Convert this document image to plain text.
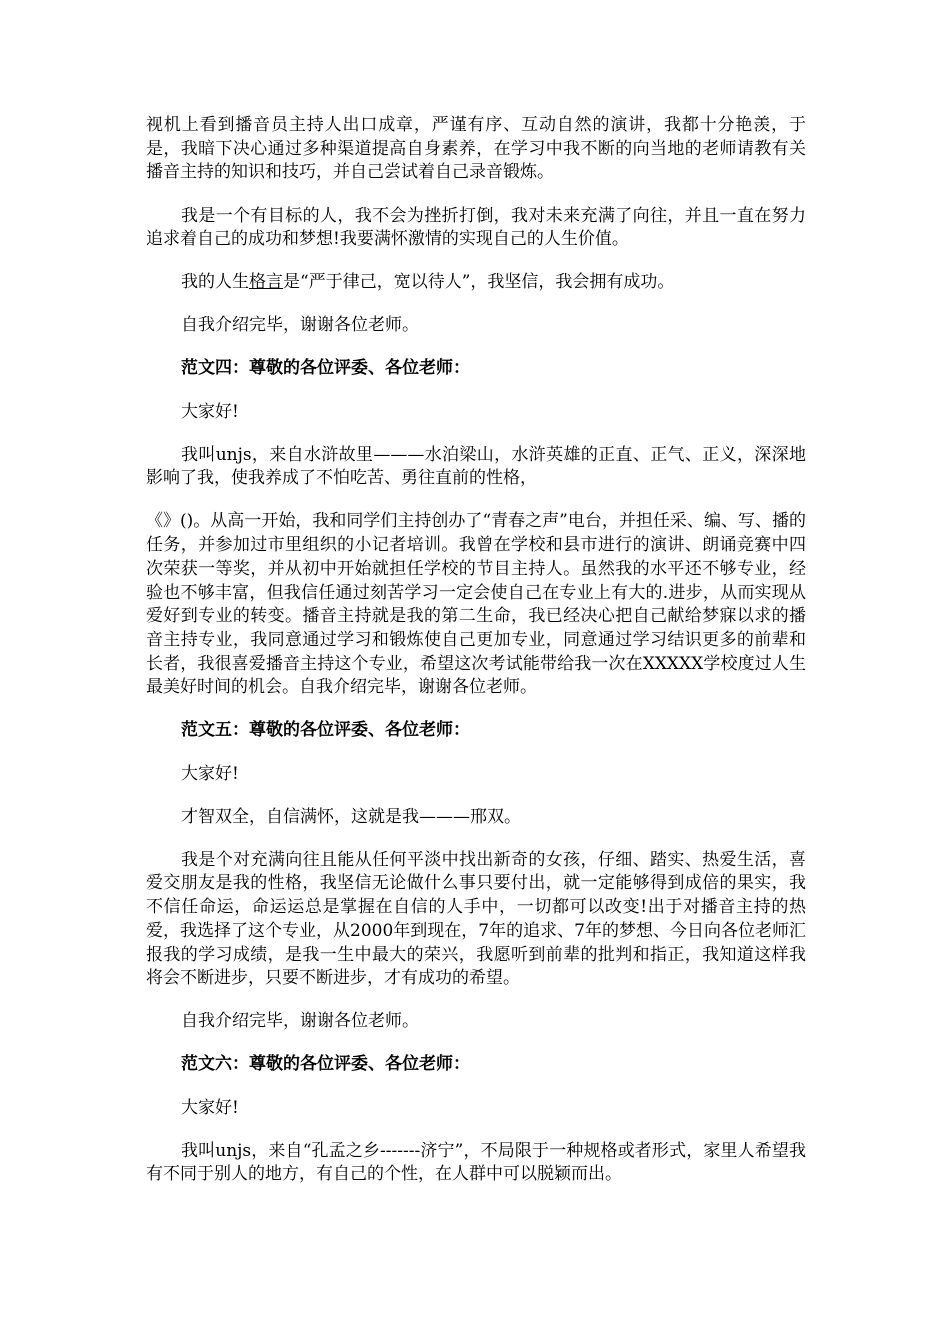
视机上看到播音员主持人出口成章，严谨有序、互动自然的演讲，我都十分艳羡，于是，我暗下决心通过多种渠道提高自身素养，在学习中我不断的向当地的老师请教有关播音主持的知识和技巧，并自己尝试着自己录音锻炼。

我是一个有目标的人，我不会为挫折打倒，我对未来充满了向往，并且一直在努力追求着自己的成功和梦想!我要满怀激情的实现自己的人生价值。

我的人生格言是“严于律己，宽以待人”，我坚信，我会拥有成功。

自我介绍完毕，谢谢各位老师。

范文四：尊敬的各位评委、各位老师：

大家好!

我叫unjs，来自水浒故里———水泊梁山，水浒英雄的正直、正气、正义，深深地影响了我，使我养成了不怕吃苦、勇往直前的性格，

《》()。从高一开始，我和同学们主持创办了“青春之声”电台，并担任采、编、写、播的任务，并参加过市里组织的小记者培训。我曾在学校和县市进行的演讲、朗诵竞赛中四次荣获一等奖，并从初中开始就担任学校的节目主持人。虽然我的水平还不够专业，经验也不够丰富，但我信任通过刻苦学习一定会使自己在专业上有大的.进步，从而实现从爱好到专业的转变。播音主持就是我的第二生命，我已经决心把自己献给梦寐以求的播音主持专业，我同意通过学习和锻炼使自己更加专业，同意通过学习结识更多的前辈和长者，我很喜爱播音主持这个专业，希望这次考试能带给我一次在XXXXX学校度过人生最美好时间的机会。自我介绍完毕，谢谢各位老师。

范文五：尊敬的各位评委、各位老师：

大家好!

才智双全，自信满怀，这就是我———邢双。

我是个对充满向往且能从任何平淡中找出新奇的女孩，仔细、踏实、热爱生活，喜爱交朋友是我的性格，我坚信无论做什么事只要付出，就一定能够得到成倍的果实，我不信任命运，命运运总是掌握在自信的人手中，一切都可以改变!出于对播音主持的热爱，我选择了这个专业，从2000年到现在，7年的追求、7年的梦想、今日向各位老师汇报我的学习成绩，是我一生中最大的荣兴，我愿听到前辈的批判和指正，我知道这样我将会不断进步，只要不断进步，才有成功的希望。

自我介绍完毕，谢谢各位老师。

范文六：尊敬的各位评委、各位老师：

大家好!

我叫unjs，来自“孔孟之乡-------济宁”，不局限于一种规格或者形式，家里人希望我有不同于别人的地方，有自己的个性，在人群中可以脱颖而出。
